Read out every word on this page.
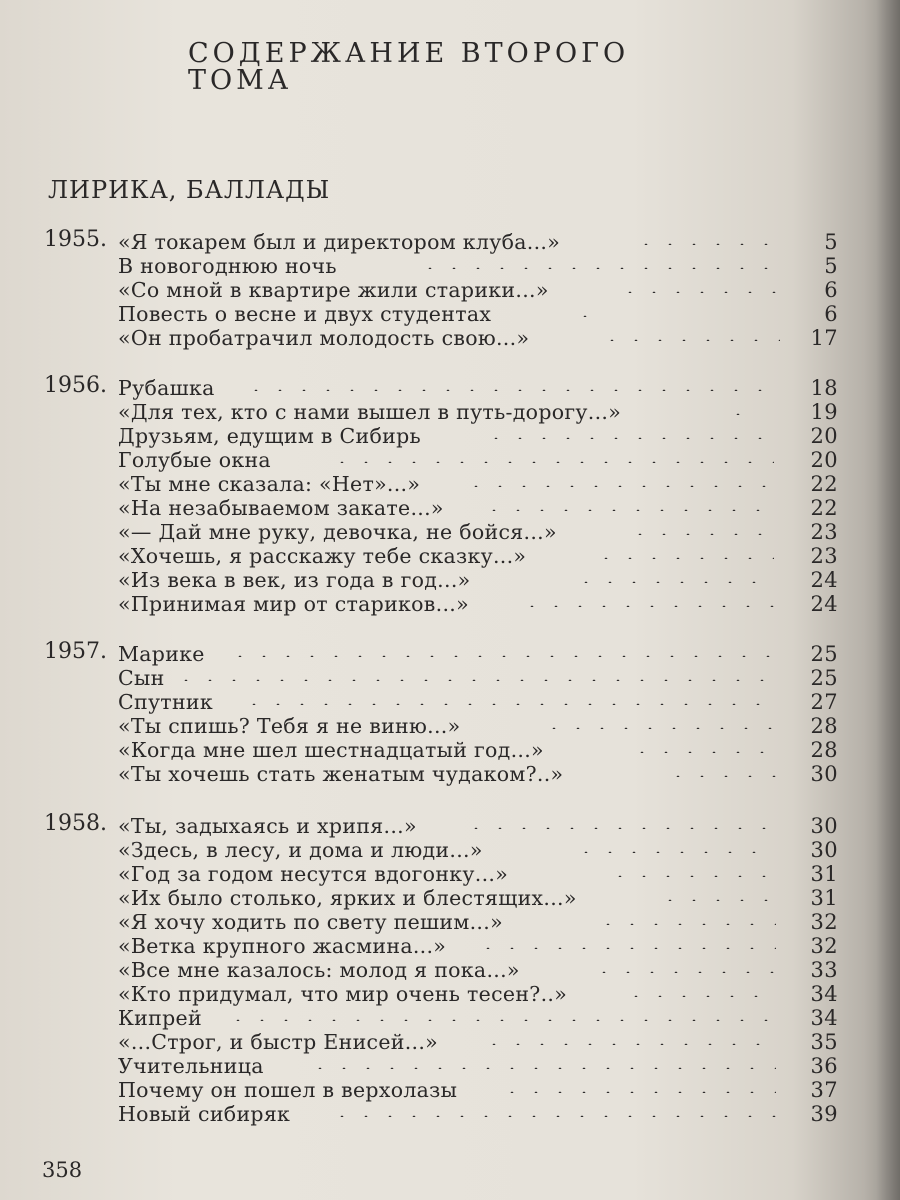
СОДЕРЖАНИЕ ВТОРОГО ТОМА
ЛИРИКА, БАЛЛАДЫ
1955. «Я токарем был и директором клуба...»	5
В новогоднюю ночь	5
«Со мной в квартире жили старики...»	6
Повесть о весне и двух студентах	6
«Он пробатрачил молодость свою...»	17
1956. Рубашка	18
«Для тех, кто с нами вышел в путь-дорогу...»	19
Друзьям, едущим в Сибирь	20
Голубые окна	20
«Ты мне сказала: «Нет»...»	22
«На незабываемом закате...»	22
«— Дай мне руку, девочка, не бойся...»	23
«Хочешь, я расскажу тебе сказку...»	23
«Из века в век, из года в год...»	24
«Принимая мир от стариков...»	24
1957. Марике	25
Сын	25
Спутник	27
«Ты спишь? Тебя я не виню...»	28
«Когда мне шел шестнадцатый год...»	28
«Ты хочешь стать женатым чудаком?..»	30
1958. «Ты, задыхаясь и хрипя...»	30
«Здесь, в лесу, и дома и люди...»	30
«Год за годом несутся вдогонку...»	31
«Их было столько, ярких и блестящих...»	31
«Я хочу ходить по свету пешим...»	32
«Ветка крупного жасмина...»	32
«Все мне казалось: молод я пока...»	33
«Кто придумал, что мир очень тесен?..»	34
Кипрей	34
«...Строг, и быстр Енисей...»	35
Учительница	36
Почему он пошел в верхолазы	37
Новый сибиряк	39
358
